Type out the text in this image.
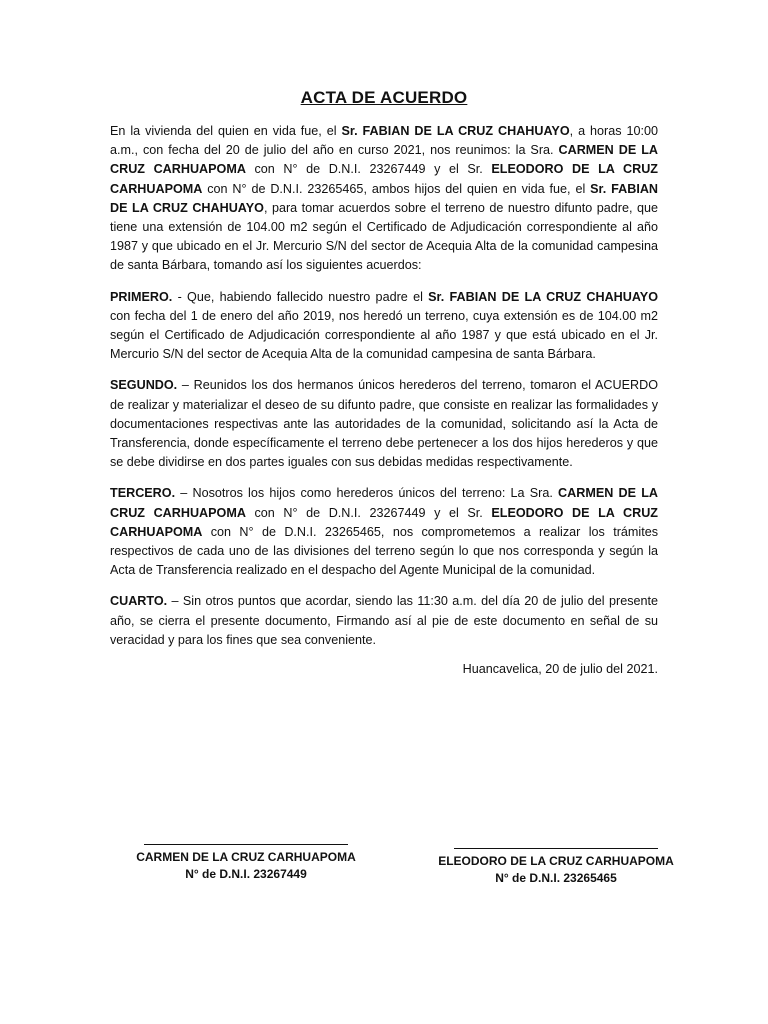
ACTA DE ACUERDO

En la vivienda del quien en vida fue, el Sr. FABIAN DE LA CRUZ CHAHUAYO, a horas 10:00 a.m., con fecha del 20 de julio del año en curso 2021, nos reunimos: la Sra. CARMEN DE LA CRUZ CARHUAPOMA con N° de D.N.I. 23267449 y el Sr. ELEODORO DE LA CRUZ CARHUAPOMA con N° de D.N.I. 23265465, ambos hijos del quien en vida fue, el Sr. FABIAN DE LA CRUZ CHAHUAYO, para tomar acuerdos sobre el terreno de nuestro difunto padre, que tiene una extensión de 104.00 m2 según el Certificado de Adjudicación correspondiente al año 1987 y que ubicado en el Jr. Mercurio S/N del sector de Acequia Alta de la comunidad campesina de santa Bárbara, tomando así los siguientes acuerdos:

PRIMERO. - Que, habiendo fallecido nuestro padre el Sr. FABIAN DE LA CRUZ CHAHUAYO con fecha del 1 de enero del año 2019, nos heredó un terreno, cuya extensión es de 104.00 m2 según el Certificado de Adjudicación correspondiente al año 1987 y que está ubicado en el Jr. Mercurio S/N del sector de Acequia Alta de la comunidad campesina de santa Bárbara.

SEGUNDO. – Reunidos los dos hermanos únicos herederos del terreno, tomaron el ACUERDO de realizar y materializar el deseo de su difunto padre, que consiste en realizar las formalidades y documentaciones respectivas ante las autoridades de la comunidad, solicitando así la Acta de Transferencia, donde específicamente el terreno debe pertenecer a los dos hijos herederos y que se debe dividirse en dos partes iguales con sus debidas medidas respectivamente.

TERCERO. – Nosotros los hijos como herederos únicos del terreno: La Sra. CARMEN DE LA CRUZ CARHUAPOMA con N° de D.N.I. 23267449 y el Sr. ELEODORO DE LA CRUZ CARHUAPOMA con N° de D.N.I. 23265465, nos comprometemos a realizar los trámites respectivos de cada uno de las divisiones del terreno según lo que nos corresponda y según la Acta de Transferencia realizado en el despacho del Agente Municipal de la comunidad.

CUARTO. – Sin otros puntos que acordar, siendo las 11:30 a.m. del día 20 de julio del presente año, se cierra el presente documento, Firmando así al pie de este documento en señal de su veracidad y para los fines que sea conveniente.

Huancavelica, 20 de julio del 2021.
CARMEN DE LA CRUZ CARHUAPOMA
N° de D.N.I. 23267449
ELEODORO DE LA CRUZ CARHUAPOMA
N° de D.N.I. 23265465
